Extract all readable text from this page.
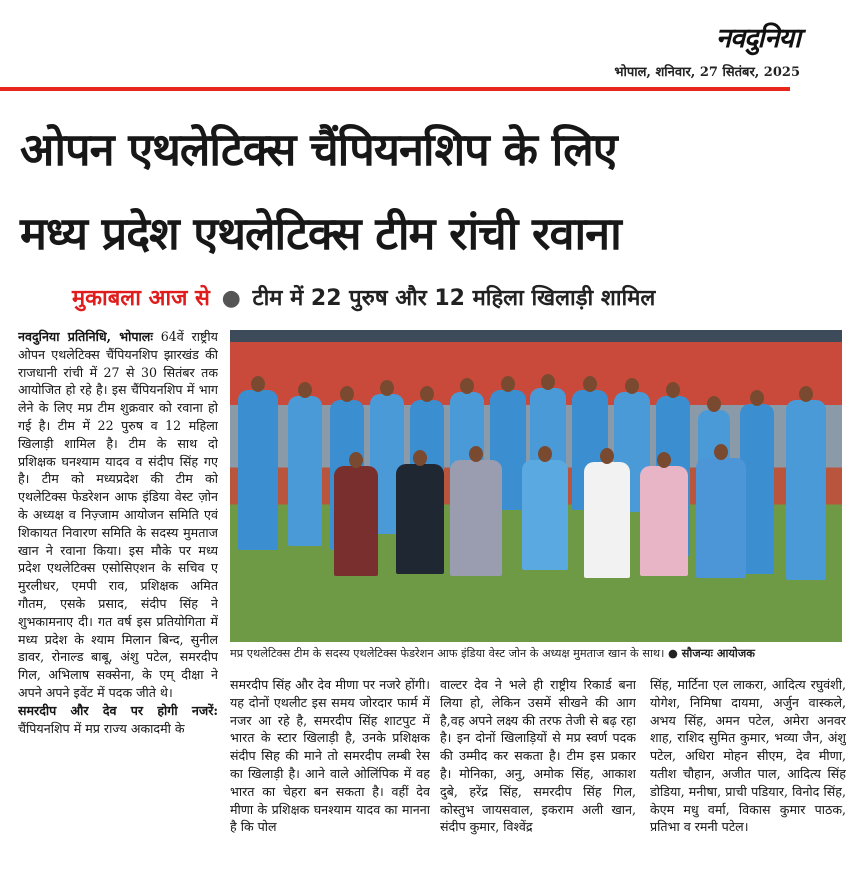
नवदुनिया
भोपाल, शनिवार, 27 सितंबर, 2025
ओपन एथलेटिक्स चैंपियनशिप के लिए
मध्य प्रदेश एथलेटिक्स टीम रांची रवाना
मुकाबला आज से ● टीम में 22 पुरुष और 12 महिला खिलाड़ी शामिल

नवदुनिया प्रतिनिधि, भोपालः 64वें राष्ट्रीय ओपन एथलेटिक्स चैंपियनशिप झारखंड की राजधानी रांची में 27 से 30 सितंबर तक आयोजित हो रहे है। इस चैंपियनशिप में भाग लेने के लिए मप्र टीम शुक्रवार को रवाना हो गई है। टीम में 22 पुरुष व 12 महिला खिलाड़ी शामिल है। टीम के साथ दो प्रशिक्षक घनश्याम यादव व संदीप सिंह गए है। टीम को मध्यप्रदेश की टीम को एथलेटिक्स फेडरेशन आफ इंडिया वेस्ट ज़ोन के अध्यक्ष व निज़्जाम आयोजन समिति एवं शिकायत निवारण समिति के सदस्य मुमताज खान ने रवाना किया। इस मौके पर मध्य प्रदेश एथलेटिक्स एसोसिएशन के सचिव ए मुरलीधर, एमपी राव, प्रशिक्षक अमित गौतम, एसके प्रसाद, संदीप सिंह ने शुभकामनाए दी। गत वर्ष इस प्रतियोगिता में मध्य प्रदेश के श्याम मिलान बिन्द, सुनील डावर, रोनाल्ड बाबू, अंशु पटेल, समरदीप गिल, अभिलाष सक्सेना, के एम् दीक्षा ने अपने अपने इवेंट में पदक जीते थे।

समरदीप और देव पर होगी नजरें: चैंपियनशिप में मप्र राज्य अकादमी के

मप्र एथलेटिक्स टीम के सदस्य एथलेटिक्स फेडरेशन आफ इंडिया वेस्ट जोन के अध्यक्ष मुमताज खान के साथ। ● सौजन्यः आयोजक

समरदीप सिंह और देव मीणा पर नजरे होंगी। यह दोनों एथलीट इस समय जोरदार फार्म में नजर आ रहे है, समरदीप सिंह शाटपुट में भारत के स्टार खिलाड़ी है, उनके प्रशिक्षक संदीप सिह की माने तो समरदीप लम्बी रेस का खिलाड़ी है। आने वाले ओलिंपिक में वह भारत का चेहरा बन सकता है। वहीं देव मीणा के प्रशिक्षक घनश्याम यादव का मानना है कि पोल

वाल्टर देव ने भले ही राष्ट्रीय रिकार्ड बना लिया हो, लेकिन उसमें सीखने की आग है,वह अपने लक्ष्य की तरफ तेजी से बढ़ रहा है। इन दोनों खिलाड़ियों से मप्र स्वर्ण पदक की उम्मीद कर सकता है। टीम इस प्रकार है। मोनिका, अनु, अमोक सिंह, आकाश दुबे, हरेंद्र सिंह, समरदीप सिंह गिल, कोस्तुभ जायसवाल, इकराम अली खान, संदीप कुमार, विश्वेंद्र

सिंह, मार्टिना एल लाकरा, आदित्य रघुवंशी, योगेश, निमिषा दायमा, अर्जुन वास्कले, अभय सिंह, अमन पटेल, अमेरा अनवर शाह, राशिद सुमित कुमार, भव्या जैन, अंशु पटेल, अधिरा मोहन सीएम, देव मीणा, यतीश चौहान, अजीत पाल, आदित्य सिंह डोडिया, मनीषा, प्राची पडियार, विनोद सिंह, केएम मधु वर्मा, विकास कुमार पाठक, प्रतिभा व रमनी पटेल।
